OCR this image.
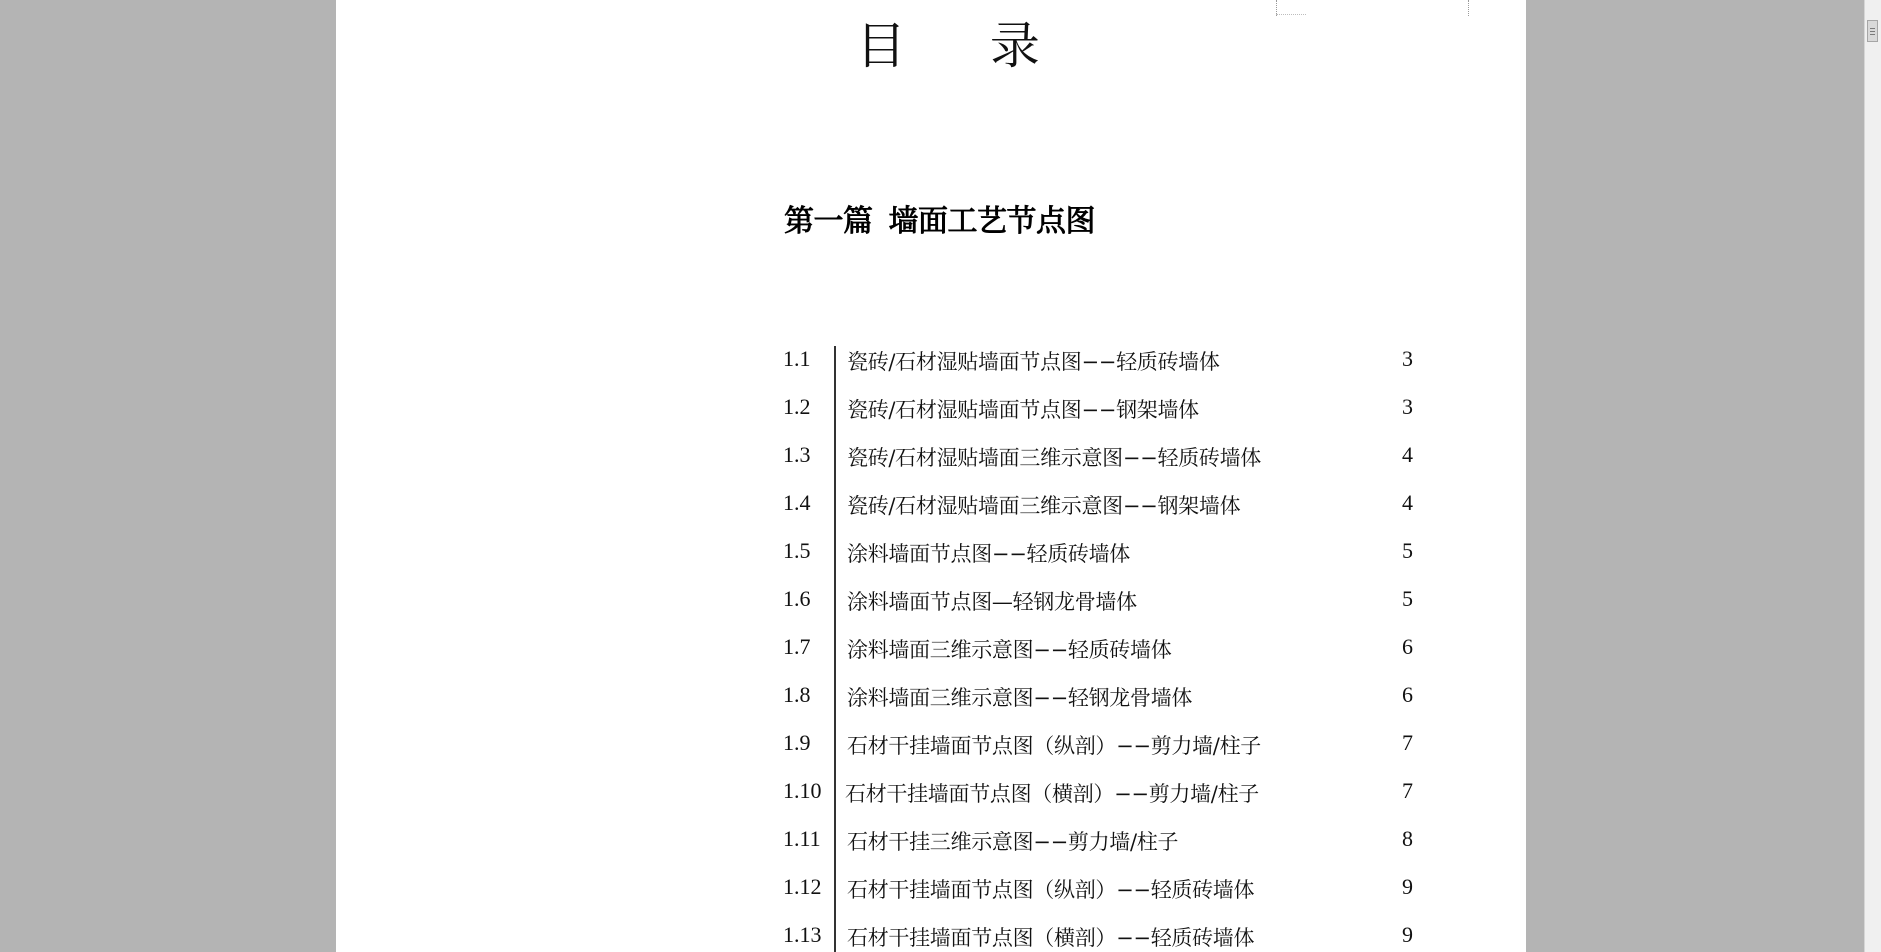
目 录
第一篇 墙面工艺节点图
1.1 瓷砖/石材湿贴墙面节点图−−轻质砖墙体	3
1.2 瓷砖/石材湿贴墙面节点图−−钢架墙体	3
1.3 瓷砖/石材湿贴墙面三维示意图−−轻质砖墙体	4
1.4 瓷砖/石材湿贴墙面三维示意图−−钢架墙体	4
1.5 涂料墙面节点图−−轻质砖墙体	5
1.6 涂料墙面节点图—轻钢龙骨墙体	5
1.7 涂料墙面三维示意图−−轻质砖墙体	6
1.8 涂料墙面三维示意图−−轻钢龙骨墙体	6
1.9 石材干挂墙面节点图（纵剖）−−剪力墙/柱子	7
1.10 石材干挂墙面节点图（横剖）−−剪力墙/柱子	7
1.11 石材干挂三维示意图−−剪力墙/柱子	8
1.12 石材干挂墙面节点图（纵剖）−−轻质砖墙体	9
1.13 石材干挂墙面节点图（横剖）−−轻质砖墙体	9
